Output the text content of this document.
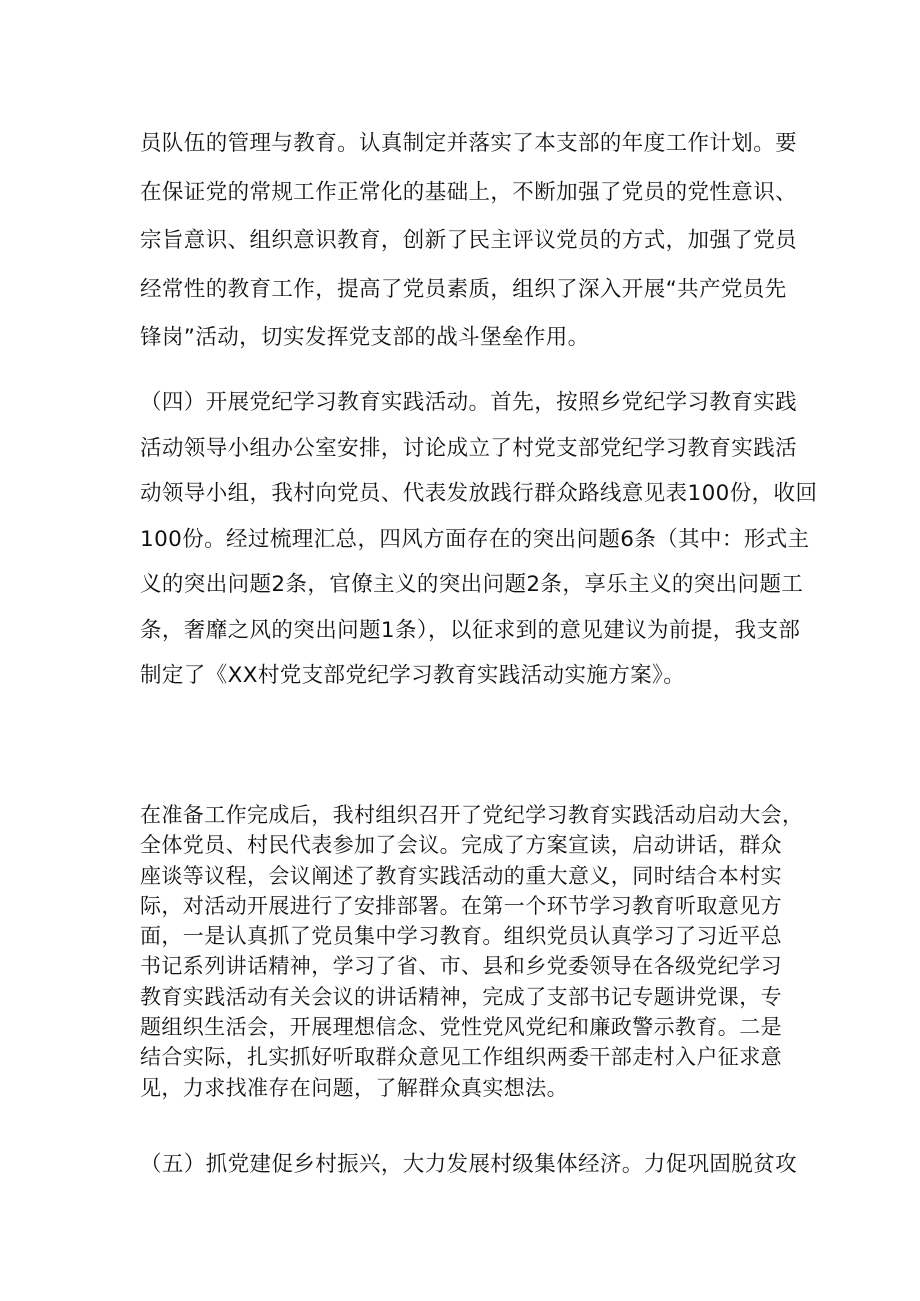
员队伍的管理与教育。认真制定并落实了本支部的年度工作计划。要
在保证党的常规工作正常化的基础上，不断加强了党员的党性意识、
宗旨意识、组织意识教育，创新了民主评议党员的方式，加强了党员
经常性的教育工作，提高了党员素质，组织了深入开展“共产党员先
锋岗”活动，切实发挥党支部的战斗堡垒作用。

（四）开展党纪学习教育实践活动。首先，按照乡党纪学习教育实践
活动领导小组办公室安排，讨论成立了村党支部党纪学习教育实践活
动领导小组，我村向党员、代表发放践行群众路线意见表100份，收回
100份。经过梳理汇总，四风方面存在的突出问题6条（其中：形式主
义的突出问题2条，官僚主义的突出问题2条，享乐主义的突出问题工
条，奢靡之风的突出问题1条），以征求到的意见建议为前提，我支部
制定了《XX村党支部党纪学习教育实践活动实施方案》。

在准备工作完成后，我村组织召开了党纪学习教育实践活动启动大会，
全体党员、村民代表参加了会议。完成了方案宣读，启动讲话，群众
座谈等议程，会议阐述了教育实践活动的重大意义，同时结合本村实
际，对活动开展进行了安排部署。在第一个环节学习教育听取意见方
面，一是认真抓了党员集中学习教育。组织党员认真学习了习近平总
书记系列讲话精神，学习了省、市、县和乡党委领导在各级党纪学习
教育实践活动有关会议的讲话精神，完成了支部书记专题讲党课，专
题组织生活会，开展理想信念、党性党风党纪和廉政警示教育。二是
结合实际，扎实抓好听取群众意见工作组织两委干部走村入户征求意
见，力求找准存在问题，了解群众真实想法。

（五）抓党建促乡村振兴，大力发展村级集体经济。力促巩固脱贫攻
